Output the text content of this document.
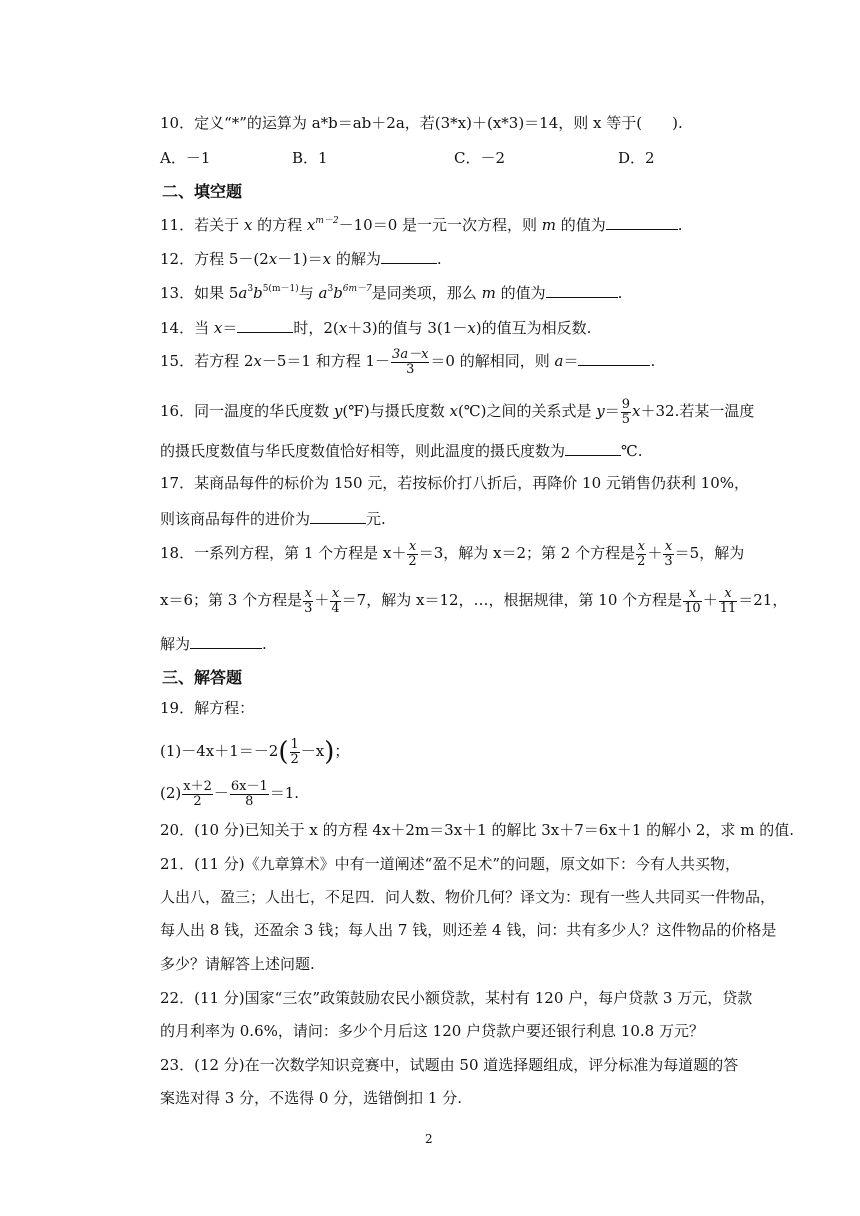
10．定义“*”的运算为 a*b＝ab＋2a，若(3*x)＋(x*3)＝14，则 x 等于(　　).
A．－1	B．1	C．－2	D．2
二、填空题
11．若关于 x 的方程 $x^{m-2}-10=0$ 是一元一次方程，则 m 的值为	.
12．方程 5－(2x－1)＝x 的解为	.
13．如果 $5a^3b^{5(m-1)}$与 $a^3b^{6m-7}$是同类项，那么 m 的值为	.
14．当 x＝	时，2(x＋3)的值与 3(1－x)的值互为相反数.
15．若方程 2x－5＝1 和方程 $1- \frac{3a-x}{3} =0$ 的解相同，则 a＝	.
16．同一温度的华氏度数 y(℉)与摄氏度数 x(℃)之间的关系式是 $y= \frac{9}{5} x+32$.若某一温度
的摄氏度数值与华氏度数值恰好相等，则此温度的摄氏度数为	℃.
17．某商品每件的标价为 150 元，若按标价打八折后，再降价 10 元销售仍获利 10%，
则该商品每件的进价为	元.
18．一系列方程，第 1 个方程是 $x+ \frac{x}{2} =3$，解为 x＝2；第 2 个方程是 $\frac{x}{2} + \frac{x}{3} =5$，解为
x＝6；第 3 个方程是 $\frac{x}{3} + \frac{x}{4} =7$，解为 x＝12，…，根据规律，第 10 个方程是 $\frac{x}{10} + \frac{x}{11} =21$，
解为	.
三、解答题
19．解方程：
$(1)-4x+1=-2( \frac{1}{2} -x)$；
$(2) \frac{x+2}{2} - \frac{6x-1}{8} =1$.
20．(10 分)已知关于 x 的方程 4x＋2m＝3x＋1 的解比 3x＋7＝6x＋1 的解小 2，求 m 的值.
21．(11 分)《九章算术》中有一道阐述“盈不足术”的问题，原文如下：今有人共买物，
人出八，盈三；人出七，不足四．问人数、物价几何？译文为：现有一些人共同买一件物品，
每人出 8 钱，还盈余 3 钱；每人出 7 钱，则还差 4 钱，问：共有多少人？这件物品的价格是
多少？请解答上述问题.
22．(11 分)国家“三农”政策鼓励农民小额贷款，某村有 120 户，每户贷款 3 万元，贷款
的月利率为 0.6%，请问：多少个月后这 120 户贷款户要还银行利息 10.8 万元？
23．(12 分)在一次数学知识竞赛中，试题由 50 道选择题组成，评分标准为每道题的答
案选对得 3 分，不选得 0 分，选错倒扣 1 分.
2
